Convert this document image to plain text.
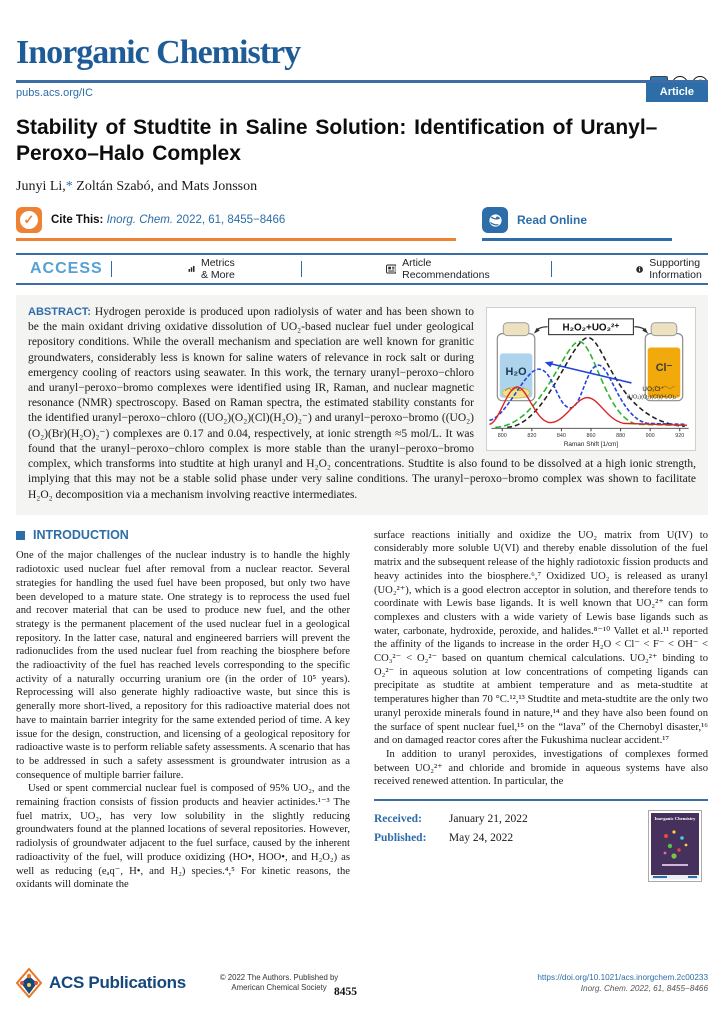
Inorganic Chemistry
pubs.acs.org/IC	Article
Stability of Studtite in Saline Solution: Identification of Uranyl–Peroxo–Halo Complex
Junyi Li,* Zoltán Szabó, and Mats Jonsson
✓	Cite This: Inorg. Chem. 2022, 61, 8455−8466	Read Online
ACCESS	Metrics & More
Article Recommendations
Supporting Information
H₂O	Cl⁻
H₂O₂+UO₂²⁺
UO₂Cl⁺
(UO₂)(O₂)(Cl)(H₂O)₂⁻
800	820	840	860	880	900	920
Raman Shift [1/cm]
ABSTRACT: Hydrogen peroxide is produced upon radiolysis of water and has been shown to be the main oxidant driving oxidative dissolution of UO₂-based nuclear fuel under geological repository conditions. While the overall mechanism and speciation are well known for granitic groundwaters, considerably less is known for saline waters of relevance in rock salt or during emergency cooling of reactors using seawater. In this work, the ternary uranyl−peroxo−chloro and uranyl−peroxo−bromo complexes were identified using IR, Raman, and nuclear magnetic resonance (NMR) spectroscopy. Based on Raman spectra, the estimated stability constants for the identified uranyl−peroxo−chloro ((UO₂)(O₂)(Cl)(H₂O)₂⁻) and uranyl−peroxo−bromo ((UO₂)(O₂)(Br)(H₂O)₂⁻) complexes are 0.17 and 0.04, respectively, at ionic strength ≈5 mol/L. It was found that the uranyl−peroxo−chloro complex is more stable than the uranyl−peroxo−bromo complex, which transforms into studtite at high uranyl and H₂O₂ concentrations. Studtite is also found to be dissolved at a high ionic strength, implying that this may not be a stable solid phase under very saline conditions. The uranyl−peroxo−bromo complex was shown to facilitate H₂O₂ decomposition via a mechanism involving reactive intermediates.
INTRODUCTION

One of the major challenges of the nuclear industry is to handle the highly radiotoxic used nuclear fuel after removal from a nuclear reactor. Several strategies for handling the used fuel have been proposed, but only two have been developed to a mature state. One strategy is to reprocess the used fuel and recover material that can be used to produce new fuel, and the other strategy is the permanent placement of the used nuclear fuel in a geological repository. In the latter case, natural and engineered barriers will prevent the radionuclides from the used nuclear fuel from reaching the biosphere before the radioactivity of the fuel has reached levels corresponding to the specific activity of a naturally occurring uranium ore (in the order of 10⁵ years). Reprocessing will also generate highly radioactive waste, but since this is generally more short-lived, a repository for this radioactive material does not have to maintain barrier integrity for the same extended period of time. A key issue for the design, construction, and licensing of a geological repository for radioactive waste is to perform reliable safety assessments. A scenario that has to be addressed in such a safety assessment is groundwater intrusion as a consequence of multiple barrier failure.

Used or spent commercial nuclear fuel is composed of 95% UO₂, and the remaining fraction consists of fission products and heavier actinides.¹⁻³ The fuel matrix, UO₂, has very low solubility in the slightly reducing groundwaters found at the planned locations of several repositories. However, radiolysis of groundwater adjacent to the fuel surface, caused by the inherent radioactivity of the fuel, will produce oxidizing (HO•, HOO•, and H₂O₂) as well as reducing (eₐq⁻, H•, and H₂) species.⁴,⁵ For kinetic reasons, the oxidants will dominate the

surface reactions initially and oxidize the UO₂ matrix from U(IV) to considerably more soluble U(VI) and thereby enable dissolution of the fuel matrix and the subsequent release of the highly radiotoxic fission products and heavy actinides into the biosphere.⁶,⁷ Oxidized UO₂ is released as uranyl (UO₂²⁺), which is a good electron acceptor in solution, and therefore tends to coordinate with Lewis base ligands. It is well known that UO₂²⁺ can form complexes and clusters with a wide variety of Lewis base ligands such as water, carbonate, hydroxide, peroxide, and halides.⁸⁻¹⁰ Vallet et al.¹¹ reported the affinity of the ligands to increase in the order H₂O < Cl⁻ < F⁻ < OH⁻ < CO₃²⁻ < O₂²⁻ based on quantum chemical calculations. UO₂²⁺ binding to O₂²⁻ in aqueous solution at low concentrations of competing ligands can precipitate as studtite at ambient temperature and as meta-studtite at temperatures higher than 70 °C.¹²,¹³ Studtite and meta-studtite are the only two uranyl peroxide minerals found in nature,¹⁴ and they have also been found on the surface of spent nuclear fuel,¹⁵ on the “lava” of the Chernobyl disaster,¹⁶ and on damaged reactor cores after the Fukushima nuclear accident.¹⁷

In addition to uranyl peroxides, investigations of complexes formed between UO₂²⁺ and chloride and bromide in aqueous systems have also received renewed attention. In particular, the

Received: January 21, 2022
Published: May 24, 2022
Inorganic Chemistry
ACS Publications	© 2022 The Authors. Published by
American Chemical Society 8455
https://doi.org/10.1021/acs.inorgchem.2c00233
Inorg. Chem. 2022, 61, 8455−8466
